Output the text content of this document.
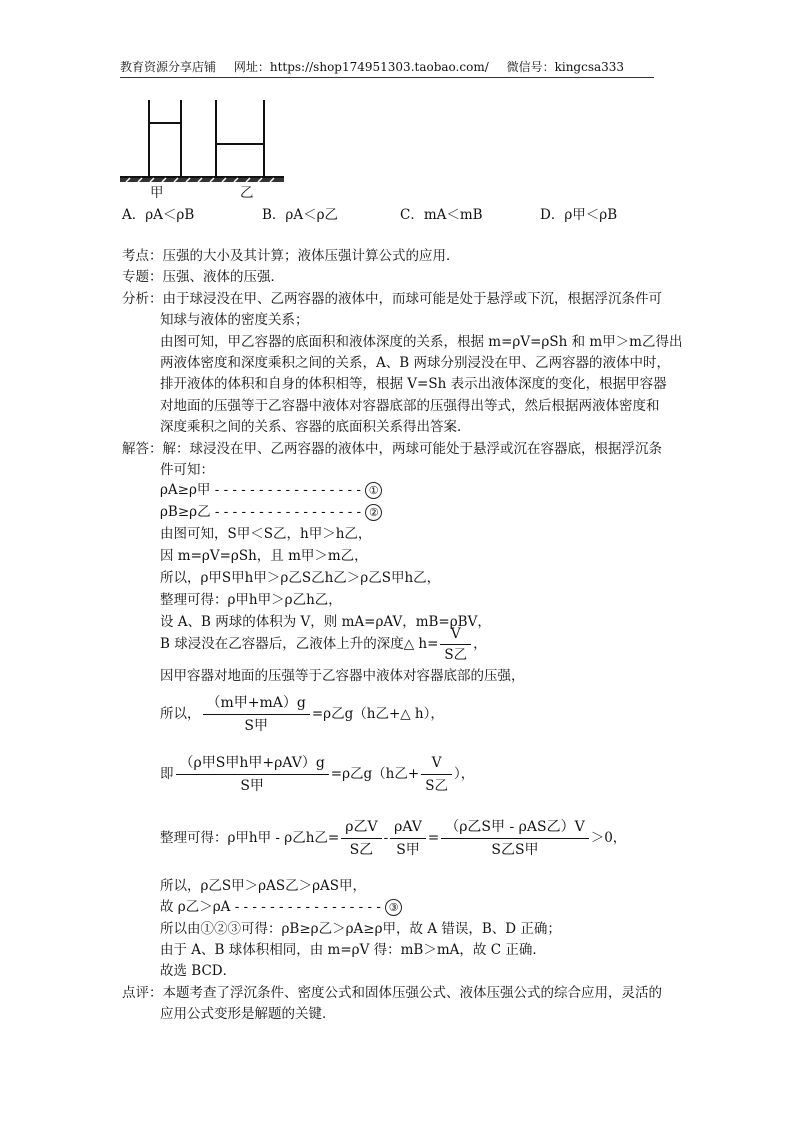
教育资源分享店铺 网址：https://shop174951303.taobao.com/ 微信号：kingcsa333
甲	乙
A．ρA＜ρB	B．ρA＜ρ乙	C．mA＜mB	D．ρ甲＜ρB
考点：压强的大小及其计算；液体压强计算公式的应用．
专题：压强、液体的压强．
分析：由于球浸没在甲、乙两容器的液体中，而球可能是处于悬浮或下沉，根据浮沉条件可
知球与液体的密度关系；
由图可知，甲乙容器的底面积和液体深度的关系，根据 m=ρV=ρSh 和 m甲＞m乙得出
两液体密度和深度乘积之间的关系，A、B 两球分别浸没在甲、乙两容器的液体中时，
排开液体的体积和自身的体积相等，根据 V=Sh 表示出液体深度的变化，根据甲容器
对地面的压强等于乙容器中液体对容器底部的压强得出等式，然后根据两液体密度和
深度乘积之间的关系、容器的底面积关系得出答案．
解答：解：球浸没在甲、乙两容器的液体中，两球可能处于悬浮或沉在容器底，根据浮沉条
件可知：
ρA≥ρ甲 - - - - - - - - - - - - - - - - - ①
ρB≥ρ乙 - - - - - - - - - - - - - - - - - ②
由图可知，S甲＜S乙，h甲＞h乙，
因 m=ρV=ρSh，且 m甲＞m乙，
所以，ρ甲S甲h甲＞ρ乙S乙h乙＞ρ乙S甲h乙，
整理可得：ρ甲h甲＞ρ乙h乙，
设 A、B 两球的体积为 V，则 mA=ρAV，mB=ρBV，
B 球浸没在乙容器后，乙液体上升的深度△ $h= \frac{V}{\text{S乙}}$ ，
因甲容器对地面的压强等于乙容器中液体对容器底部的压强，
所以， $\frac{\text{（m甲+mA）g}}{\text{S甲}} =\rho$乙g（h乙+△ h），
即 $\frac{\text{（ρ甲S甲h甲+ρAV）g}}{\text{S甲}} =\rho$乙g（h乙+ $\frac{V}{\text{S乙}}$ ），
整理可得：ρ甲h甲 - ρ乙h乙= $\frac{\text{ρ乙V}}{\text{S乙}} - \frac{\text{ρAV}}{\text{S甲}} = \frac{\text{（ρ乙S甲 - ρAS乙）V}}{\text{S乙S甲}} >0$，
所以，ρ乙S甲＞ρAS乙＞ρAS甲，
故 ρ乙＞ρA - - - - - - - - - - - - - - - - - ③
所以由①②③可得：ρB≥ρ乙＞ρA≥ρ甲，故 A 错误，B、D 正确；
由于 A、B 球体积相同，由 m=ρV 得：mB＞mA，故 C 正确．
故选 BCD．
点评：本题考查了浮沉条件、密度公式和固体压强公式、液体压强公式的综合应用，灵活的
应用公式变形是解题的关键．
